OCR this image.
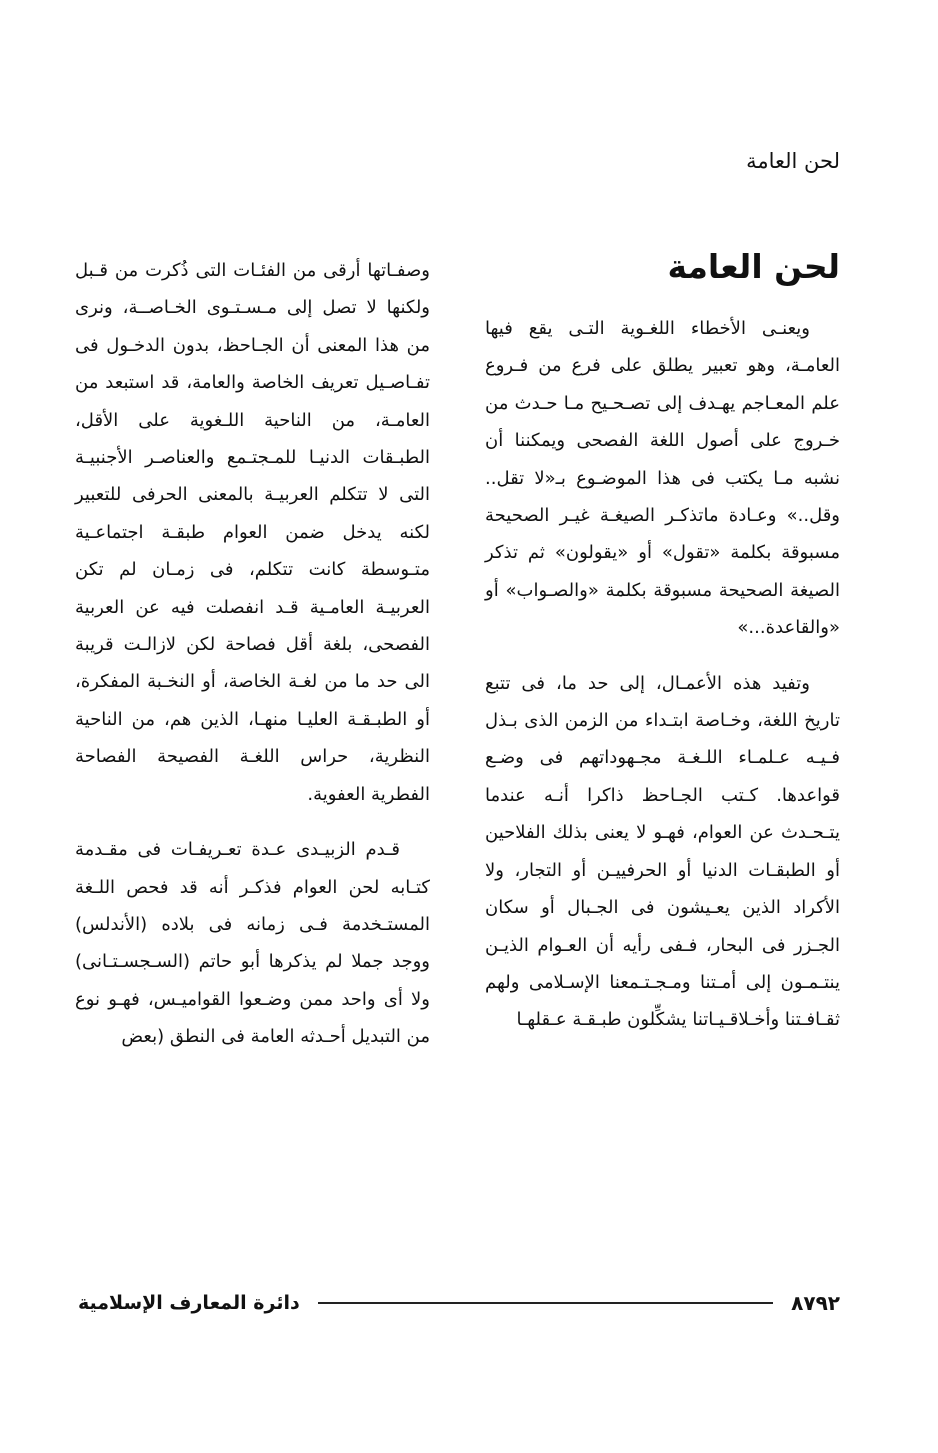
لحن العامة
لحن العامة

ويعنـى الأخطاء اللغـوية التـى يقع فيها العامـة، وهو تعبير يطلق على فرع من فـروع علم المعـاجم يهـدف إلى تصـحـيح مـا حـدث من خـروج على أصول اللغة الفصحى ويمكننا أن نشبه مـا يكتب فى هذا الموضـوع بـ«لا تقل.. وقل..» وعـادة ماتذكـر الصيغـة غيـر الصحيحة مسبوقة بكلمة «تقول» أو «يقولون» ثم تذكر الصيغة الصحيحة مسبوقة بكلمة «والصـواب» أو «والقاعدة...»

وتفيد هذه الأعمـال، إلى حد ما، فى تتبع تاريخ اللغة، وخـاصة ابتـداء من الزمن الذى بـذل فـيـه عـلمـاء اللـغـة مجـهوداتهم فى وضـع قواعدها. كـتب الجـاحظ ذاكرا أنـه عندما يتـحـدث عن العوام، فهـو لا يعنى بذلك الفلاحين أو الطبقـات الدنيا أو الحرفييـن أو التجار، ولا الأكراد الذين يعـيشون فى الجـبال أو سكان الجـزر فى البحار، فـفى رأيه أن العـوام الذيـن ينتـمـون إلى أمـتنا ومـجـتـمعنا الإسـلامى ولهم ثقـافـتنا وأخـلاقـيـاتنا يشكِّلون طبـقـة عـقلهـا

وصفـاتها أرقى من الفئـات التى ذُكرت من قـبل ولكنها لا تصل إلى مـسـتـوى الخـاصــة، ونرى من هذا المعنى أن الجـاحظ، بدون الدخـول فى تفـاصـيل تعريف الخاصة والعامة، قد استبعد من العامـة، من الناحية اللـغوية على الأقل، الطبـقات الدنيـا للمـجتـمع والعناصـر الأجنبيـة التى لا تتكلم العربيـة بالمعنى الحرفى للتعبير لكنه يدخل ضمن العوام طبقـة اجتماعـية متـوسطة كانت تتكلم، فى زمـان لم تكن العربيـة العامـية قـد انفصلت فيه عن العربية الفصحى، بلغة أقل فصاحة لكن لازالـت قريبة الى حد ما من لغـة الخاصة، أو النخـبة المفكرة، أو الطبـقـة العليـا منهـا، الذين هم، من الناحية النظرية، حراس اللغـة الفصيحة الفصاحة الفطرية العفوية.

قـدم الزبيـدى عـدة تعـريفـات فى مقـدمة كتـابه لحن العوام فذكـر أنه قد فحص اللـغة المستـخدمة فـى زمانه فى بلاده (الأندلس) ووجد جملا لم يذكرها أبو حاتم (السـجسـتـانى) ولا أى واحد ممن وضـعوا القواميـس، فهـو نوع من التبديل أحـدثه العامة فى النطق (بعض

٨٧٩٢
دائرة المعارف الإسلامية
